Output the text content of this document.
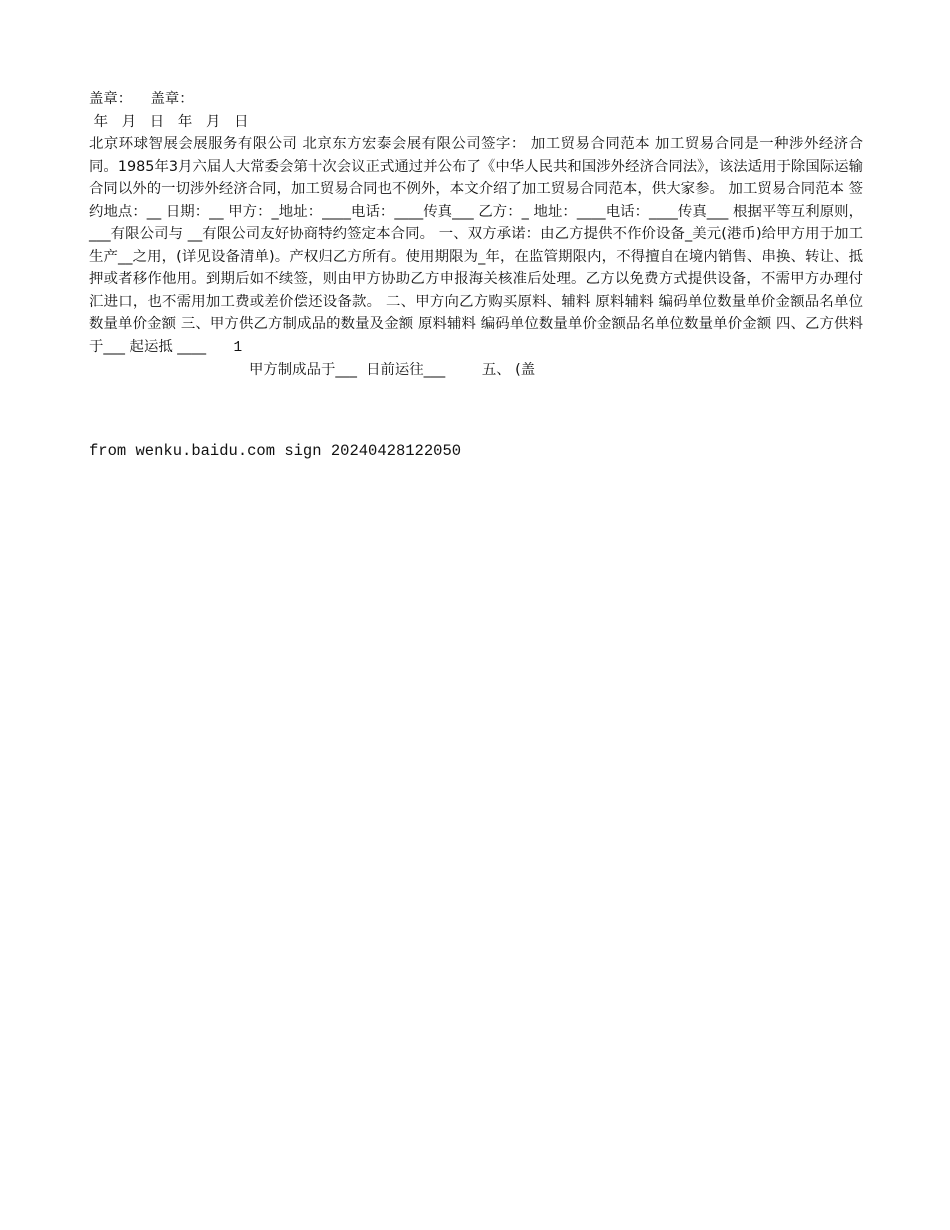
盖章：    盖章：

年   月   日   年   月   日

北京环球智展会展服务有限公司 北京东方宏泰会展有限公司签字： 加工贸易合同范本 加工贸易合同是一种涉外经济合同。1985年3月六届人大常委会第十次会议正式通过并公布了《中华人民共和国涉外经济合同法》，该法适用于除国际运输合同以外的一切涉外经济合同，加工贸易合同也不例外，本文介绍了加工贸易合同范本，供大家参。 加工贸易合同范本 签约地点：__ 日期：__ 甲方：_地址：____电话：____传真___ 乙方：_ 地址：____电话：____传真___ 根据平等互利原则，___有限公司与 __有限公司友好协商特约签定本合同。 一、双方承诺：由乙方提供不作价设备_美元(港币)给甲方用于加工生产__之用，(详见设备清单)。产权归乙方所有。使用期限为_年，在监管期限内，不得擅自在境内销售、串换、转让、抵押或者移作他用。到期后如不续签，则由甲方协助乙方申报海关核准后处理。乙方以免费方式提供设备，不需甲方办理付汇进口，也不需用加工费或差价偿还设备款。 二、甲方向乙方购买原料、辅料 原料辅料 编码单位数量单价金额品名单位数量单价金额 三、甲方供乙方制成品的数量及金额 原料辅料 编码单位数量单价金额品名单位数量单价金额 四、乙方供料于___ 起运抵 ____ 1

甲方制成品于___  日前运往___        五、 (盖

from wenku.baidu.com sign 20240428122050
